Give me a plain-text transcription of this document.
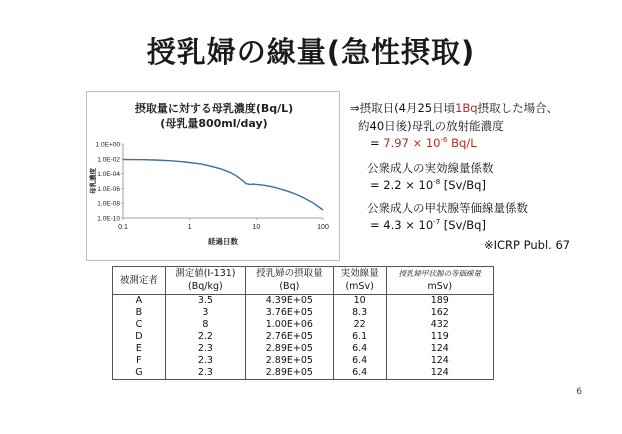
授乳婦の線量(急性摂取)
摂取量に対する母乳濃度(Bq/L)
(母乳量800ml/day)
1.0E+00
1.0E-02
1.0E-04
1.0E-06
1.0E-08
1.0E-10
0.1	1	10	100
経過日数
母乳濃度
⇒摂取日(4月25日頃1Bq摂取した場合、
約40日後)母乳の放射能濃度
= $7.97 \times 10^{-6}$ Bq/L
公衆成人の実効線量係数
= $2.2 \times 10^{-8}$ [Sv/Bq]
公衆成人の甲状腺等価線量係数
= $4.3 \times 10^{-7}$ [Sv/Bq]
※ICRP Publ. 67
被測定者	測定値(I-131)	授乳婦の摂取量	実効線量	授乳婦甲状腺の等価線量
	(Bq/kg)	(Bq)	(mSv)	mSv)
A	3.5	4.39E+05	10	189
B	3	3.76E+05	8.3	162
C	8	1.00E+06	22	432
D	2.2	2.76E+05	6.1	119
E	2.3	2.89E+05	6.4	124
F	2.3	2.89E+05	6.4	124
G	2.3	2.89E+05	6.4	124
6
